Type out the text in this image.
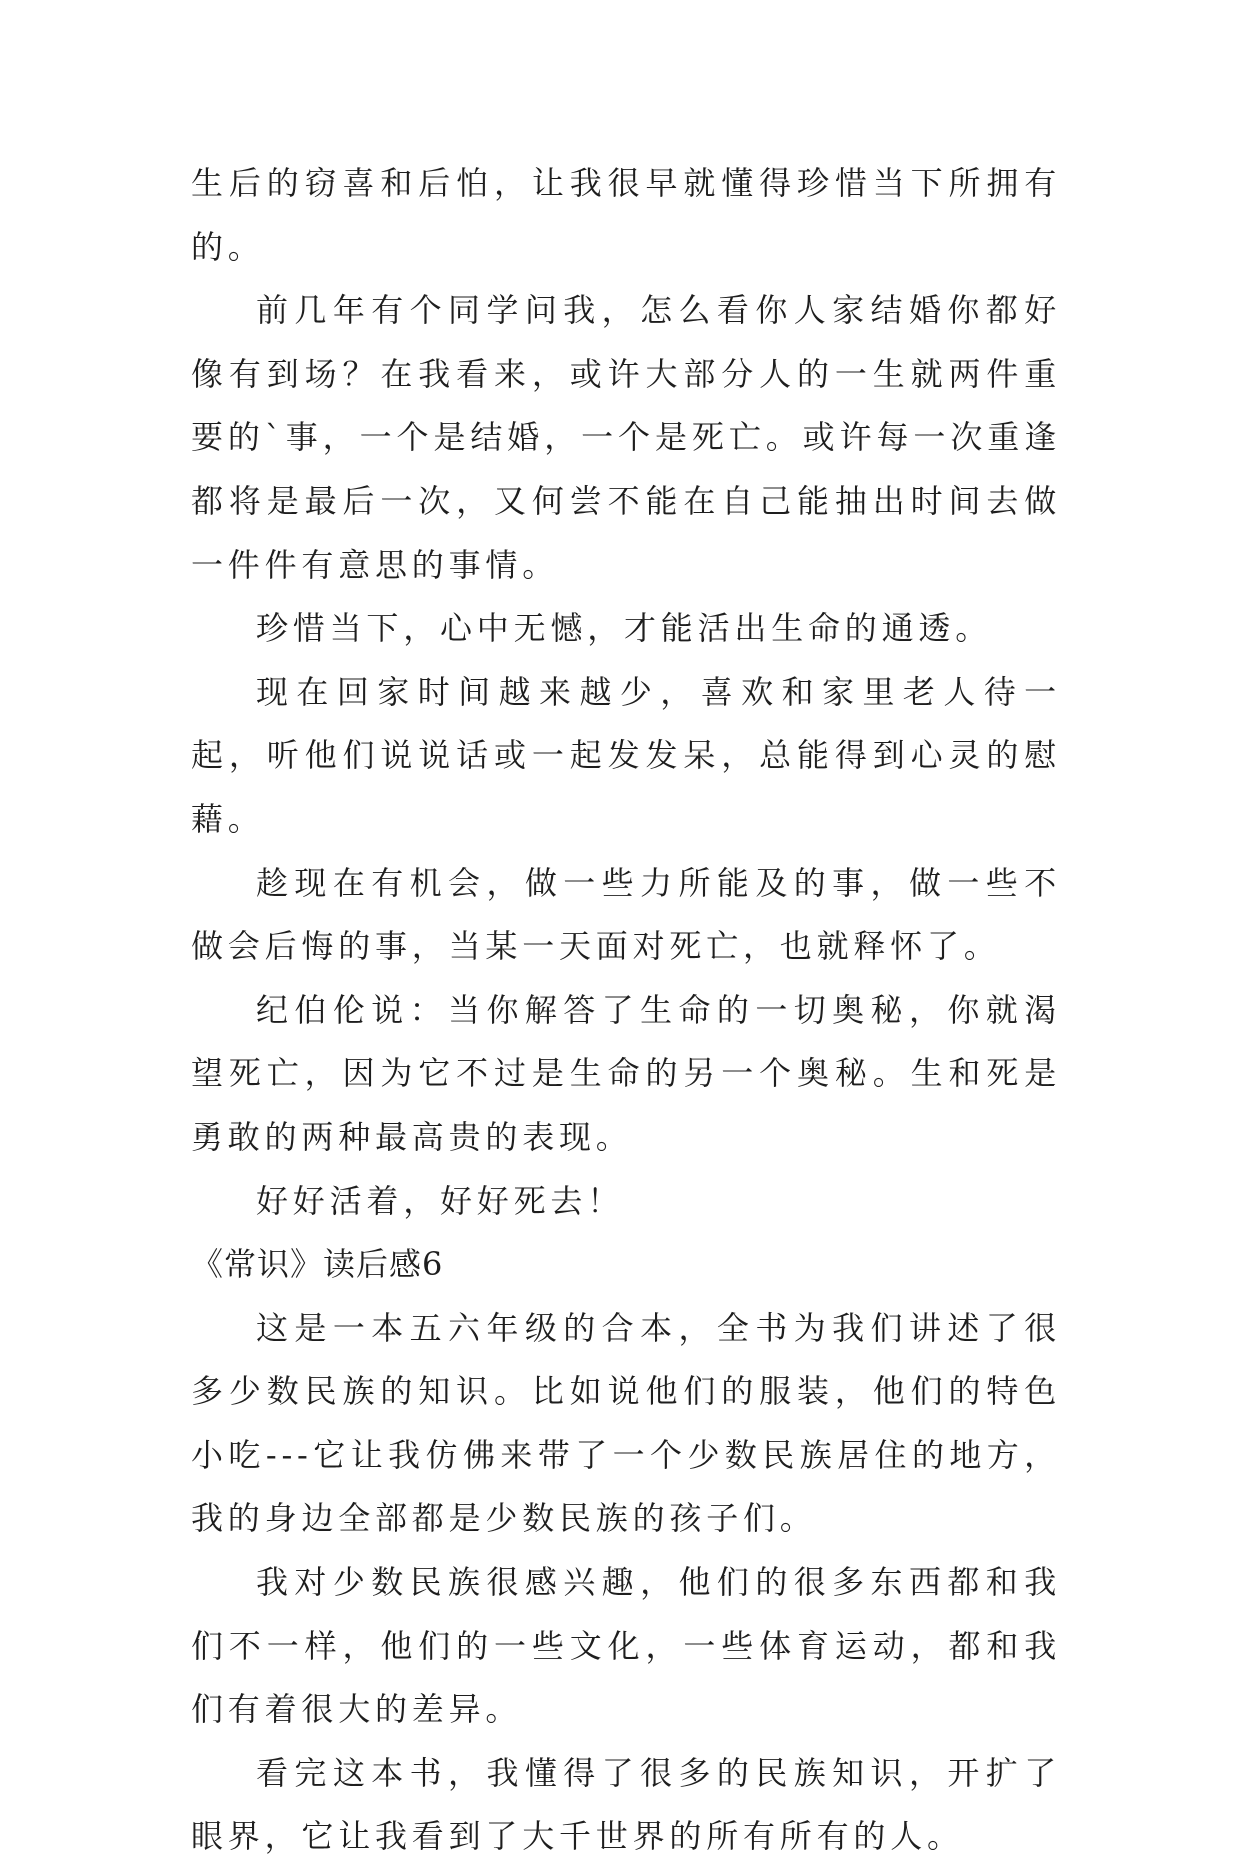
生后的窃喜和后怕，让我很早就懂得珍惜当下所拥有的。

前几年有个同学问我，怎么看你人家结婚你都好像有到场？在我看来，或许大部分人的一生就两件重要的`事，一个是结婚，一个是死亡。或许每一次重逢都将是最后一次，又何尝不能在自己能抽出时间去做一件件有意思的事情。

珍惜当下，心中无憾，才能活出生命的通透。

现在回家时间越来越少，喜欢和家里老人待一起，听他们说说话或一起发发呆，总能得到心灵的慰藉。

趁现在有机会，做一些力所能及的事，做一些不做会后悔的事，当某一天面对死亡，也就释怀了。

纪伯伦说：当你解答了生命的一切奥秘，你就渴望死亡，因为它不过是生命的另一个奥秘。生和死是勇敢的两种最高贵的表现。

好好活着，好好死去！

《常识》读后感6

这是一本五六年级的合本，全书为我们讲述了很多少数民族的知识。比如说他们的服装，他们的特色小吃---它让我仿佛来带了一个少数民族居住的地方，我的身边全部都是少数民族的孩子们。

我对少数民族很感兴趣，他们的很多东西都和我们不一样，他们的一些文化，一些体育运动，都和我们有着很大的差异。

看完这本书，我懂得了很多的民族知识，开扩了眼界，它让我看到了大千世界的所有所有的人。
